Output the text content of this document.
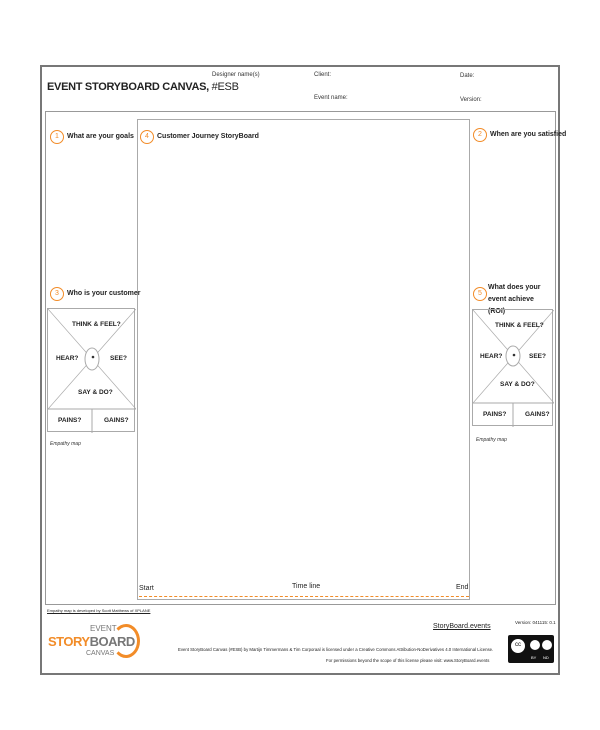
EVENT STORYBOARD CANVAS, #ESB
Designer name(s)	Client:	Date:
Event name:	Version:
1	What are your goals	4	Customer Journey StoryBoard	2	When are you satisfied
3	Who is your customer	5
What does your event achieve (ROI)
THINK & FEEL?
HEAR?	SEE?
SAY & DO?
PAINS?	GAINS?
Empathy map
THINK & FEEL?
HEAR?	SEE?
SAY & DO?
PAINS?	GAINS?
Empathy map
Start	Time line	End
Empathy map is developed by Scott Matthews of XPLANE
EVENT
STORYBOARD
CANVAS
StoryBoard.events
Version: 041115: 0.1
Event StoryBoard Canvas (#ESB) by Martijn Timmermans & Tim Corporaal is licensed under a Creative Commons Attribution-NoDerivatives 4.0 International License.
For permissions beyond the scope of this license please visit: www.StoryBoard.events
cc
BY ND
